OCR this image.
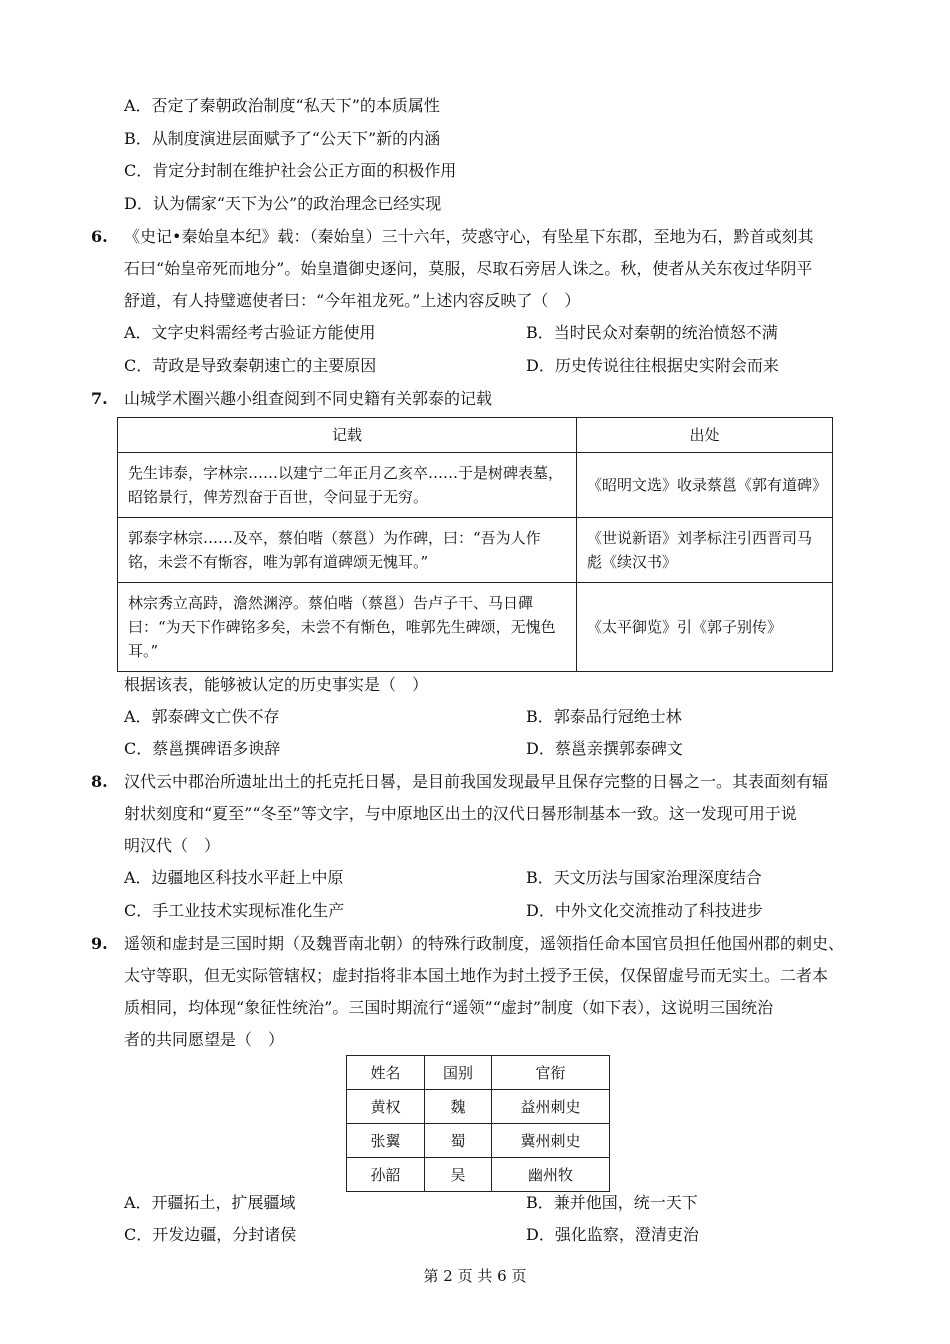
A．否定了秦朝政治制度“私天下”的本质属性
B．从制度演进层面赋予了“公天下”新的内涵
C．肯定分封制在维护社会公正方面的积极作用
D．认为儒家“天下为公”的政治理念已经实现
6. 《史记•秦始皇本纪》载：（秦始皇）三十六年，荧惑守心，有坠星下东郡，至地为石，黔首或刻其
石曰“始皇帝死而地分”。始皇遣御史逐问，莫服，尽取石旁居人诛之。秋，使者从关东夜过华阴平
舒道，有人持璧遮使者曰：“今年祖龙死。”上述内容反映了（　）
A．文字史料需经考古验证方能使用	B．当时民众对秦朝的统治愤怒不满
C．苛政是导致秦朝速亡的主要原因	D．历史传说往往根据史实附会而来
7. 山城学术圈兴趣小组查阅到不同史籍有关郭泰的记载
记载	出处
先生讳泰，字林宗……以建宁二年正月乙亥卒……于是树碑表墓，昭铭景行，俾芳烈奋于百世，令问显于无穷。	《昭明文选》收录蔡邕《郭有道碑》
郭泰字林宗……及卒，蔡伯喈（蔡邕）为作碑，曰：“吾为人作铭，未尝不有惭容，唯为郭有道碑颂无愧耳。”	《世说新语》刘孝标注引西晋司马彪《续汉书》
林宗秀立高跱，澹然渊渟。蔡伯喈（蔡邕）告卢子干、马日磾曰：“为天下作碑铭多矣，未尝不有惭色，唯郭先生碑颂，无愧色耳。”	《太平御览》引《郭子别传》
根据该表，能够被认定的历史事实是（　）
A．郭泰碑文亡佚不存	B．郭泰品行冠绝士林
C．蔡邕撰碑语多谀辞	D．蔡邕亲撰郭泰碑文
8. 汉代云中郡治所遗址出土的托克托日晷，是目前我国发现最早且保存完整的日晷之一。其表面刻有辐
射状刻度和“夏至”“冬至”等文字，与中原地区出土的汉代日晷形制基本一致。这一发现可用于说
明汉代（　）
A．边疆地区科技水平赶上中原	B．天文历法与国家治理深度结合
C．手工业技术实现标准化生产	D．中外文化交流推动了科技进步
9. 遥领和虚封是三国时期（及魏晋南北朝）的特殊行政制度，遥领指任命本国官员担任他国州郡的刺史、
太守等职，但无实际管辖权；虚封指将非本国土地作为封土授予王侯，仅保留虚号而无实土。二者本
质相同，均体现“象征性统治”。三国时期流行“遥领”“虚封”制度（如下表），这说明三国统治
者的共同愿望是（　）
姓名	国别	官衔
黄权	魏	益州刺史
张翼	蜀	冀州刺史
孙韶	吴	幽州牧
A．开疆拓土，扩展疆域	B．兼并他国，统一天下
C．开发边疆，分封诸侯	D．强化监察，澄清吏治
第 2 页 共 6 页
